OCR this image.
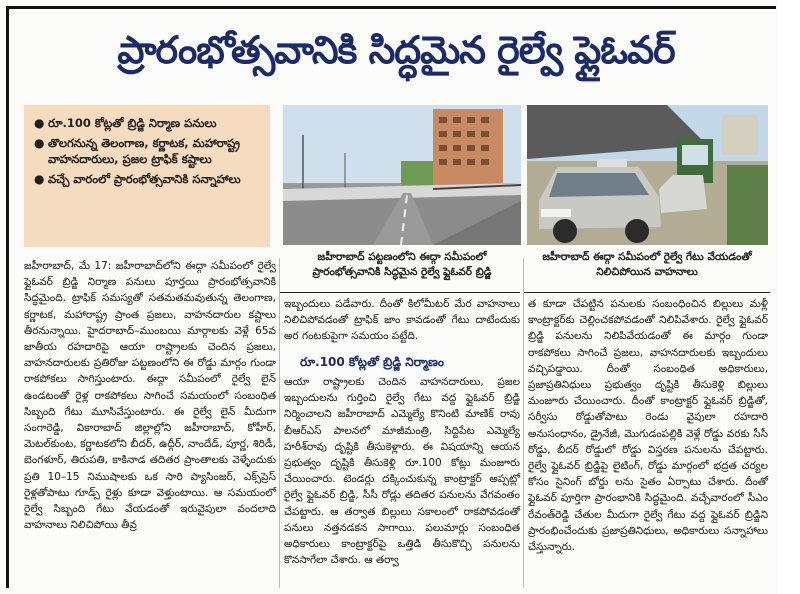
ప్రారంభోత్సవానికి సిద్ధమైన రైల్వే ఫ్లైఓవర్
● రూ.100 కోట్లతో బ్రిడ్జి నిర్మాణ పనులు
● తొలగనున్న తెలంగాణ, కర్ణాటక, మహారాష్ట్ర వాహనదారులు, ప్రజల ట్రాఫిక్ కష్టాలు
● వచ్చే వారంలో ప్రారంభోత్సవానికి సన్నాహాలు
జహీరాబాద్ పట్టణంలోని ఈద్గా సమీపంలో ప్రారంభోత్సవానికి సిద్ధమైన రైల్వే ఫ్లైఓవర్ బ్రిడ్జి
జహీరాబాద్ ఈద్గా సమీపంలో రైల్వే గేటు వేయడంతో నిలిచిపోయిన వాహనాలు

జహీరాబాద్, మే 17: జహీరాబాద్‌లోని ఈద్గా సమీపంలో రైల్వే ఫ్లైఓవర్ బ్రిడ్జి నిర్మాణ పనులు పూర్తయి ప్రారంభోత్సవానికి సిద్ధమైంది. ట్రాఫిక్ సమస్యతో సతమతమవుతున్న తెలంగాణ, కర్ణాటక, మహారాష్ట్ర ప్రాంత ప్రజలు, వాహనదారుల కష్టాలు తీరనున్నాయి. హైదరాబాద్–ముంబయి మార్గాలకు వెళ్లే 65వ జాతీయ రహదారిపై ఆయా రాష్ట్రాలకు చెందిన ప్రజలు, వాహనదారులకు ప్రతిరోజు పట్టణంలోని ఈ రోడ్డు మార్గం గుండా రాకపోకలు సాగిస్తుంటారు. ఈద్గా సమీపంలో రైల్వే లైన్ ఉండటంతో రైళ్ల రాకపోకలు సాగించే సమయంలో సంబంధిత సిబ్బంది గేటు మూసివేస్తుంటారు. ఈ రైల్వే లైన్ మీదుగా సంగారెడ్డి, వికారాబాద్ జిల్లాల్లోని జహీరాబాద్, కోహీర్, మెటల్‌కుంట, కర్ణాటకలోని బీదర్, ఉద్గీర్, నాందేడ్, పూర్ణ, శిరిడీ, బెంగళూర్, తిరుపతి, కాకినాడ తదితర ప్రాంతాలకు వెళ్ళేందుకు ప్రతి 10–15 నిముషాలకు ఒక సారి ప్యాసింజర్, ఎక్స్‌ప్రెస్ రైళ్లతోపాటు గూడ్స్ రైళ్లు కూడా వెళ్తుంటాయి. ఆ సమయంలో రైల్వే సిబ్బంది గేటు వేయడంతో ఇరువైపులా వందలాది వాహనాలు నిలిచిపోయి తీవ్ర

ఇబ్బందులు పడేవారు. దీంతో కిలోమీటర్ మేర వాహనాలు నిలిచిపోవడంతో ట్రాఫిక్ జాం కావడంతో గేటు దాటేందుకు అర గంటకుపైగా సమయం పట్టేది.

రూ.100 కోట్లతో బ్రిడ్జి నిర్మాణం

ఆయా రాష్ట్రాలకు చెందిన వాహనదారులు, ప్రజల ఇబ్బందులను గుర్తించి రైల్వే గేటు వద్ద ఫ్లైఓవర్ బ్రిడ్జి నిర్మించాలని జహీరాబాద్ ఎమ్మెల్యే కొనింటి మాణిక్ రావు బీఆర్ఎస్ పాలనలో మాజీమంత్రి, సిద్దిపేట ఎమ్మెల్యే హరీశ్‌రావు దృష్టికి తీసుకెళ్లారు. ఈ విషయాన్ని ఆయన ప్రభుత్వం దృష్టికి తీసుకెళ్లి రూ.100 కోట్లు మంజూరు చేయించారు. టెండర్లు దక్కించుకున్న కాంట్రాక్టర్ అప్పట్లో రైల్వే ఫ్లైఓవర్ బ్రిడ్జి, సీసీ రోడ్లు తదితర పనులను వేగవంతం చేపట్టారు. ఆ తర్వాత బిల్లులు సకాలంలో రాకపోవడంతో పనులు నత్తనడకన సాగాయి. పలుమార్లు సంబంధిత అధికారులు కాంట్రాక్టర్‌పై ఒత్తిడి తీసుకొచ్చి పనులను కొనసాగేలా చేశారు. ఆ తర్వా

త కూడా చేపట్టిన పనులకు సంబంధించిన బిల్లులు మళ్లీ కాంట్రాక్టర్‌కు చెల్లించకపోవడంతో నిలిపివేశారు. రైల్వే ఫ్లైఓవర్ బ్రిడ్జి పనులను నిలిపివేయడంతో ఈ మార్గం గుండా రాకపోకలు సాగించే ప్రజలు, వాహనదారులకు ఇబ్బందులు వచ్చిపడ్డాయి. దీంతో సంబంధిత అధికారులు, ప్రజాప్రతినిధులు ప్రభుత్వం దృష్టికి తీసుకెళ్లి బిల్లులు మంజూరు చేయించారు. దీంతో కాంట్రాక్టర్ ఫ్లైఓవర్ బ్రిడ్జితో, సర్వీసు రోడ్డుతోపాటు రెండు వైపులా రహదారి అనుసంధానం, డ్రైనేజీ, మొగుడంపల్లికి వెళ్లే రోడ్డు వరకు సీసీ రోడ్డు, బీదర్ రోడ్డులో రోడ్డు విస్తరణ పనులను చేపట్టారు. రైల్వే ఫ్లైఓవర్ బ్రిడ్జిపై లైటింగ్, రోడ్డు మార్గంలో భద్రత చర్యల కోసం సైనింగ్ బోర్డు లను సైతం ఏర్పాటు చేశారు. దీంతో ఫ్లైఓవర్ పూర్తిగా ప్రారంభానికి సిద్ధమైంది. వచ్చేవారంలో సీఎం రేవంత్‌రెడ్డి చేతుల మీదుగా రైల్వే గేటు వద్ద ఫ్లైఓవర్ బ్రిడ్జిని ప్రారంభించేందుకు ప్రజాప్రతినిధులు, అధికారులు సన్నాహాలు చేస్తున్నారు.
